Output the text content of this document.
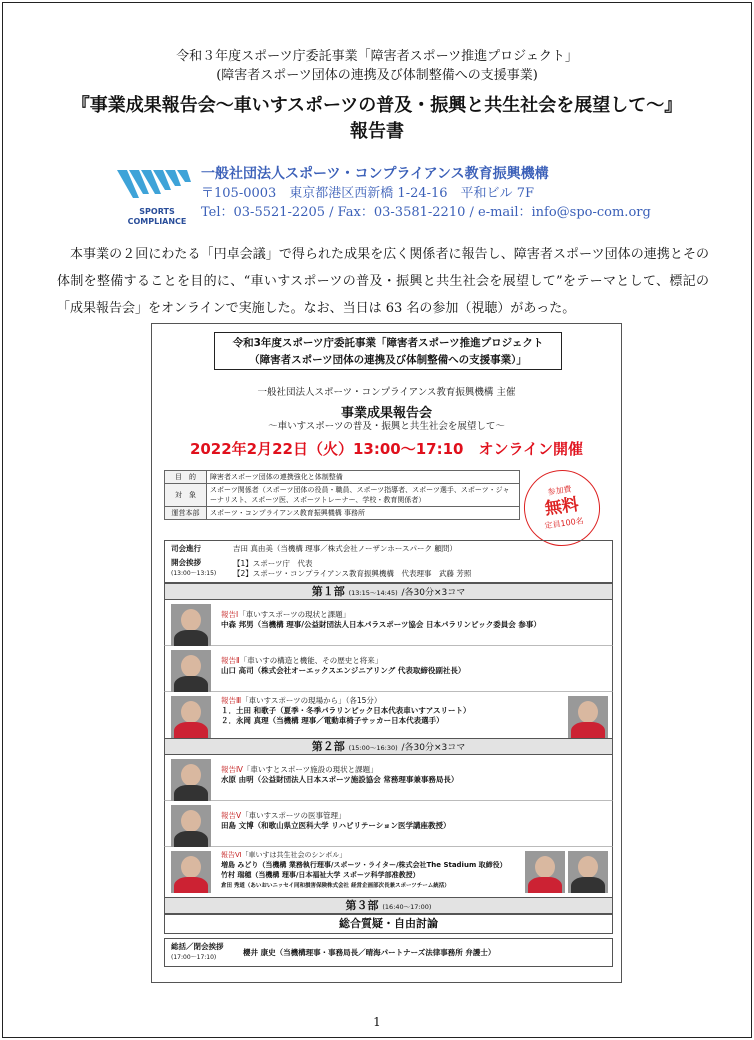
令和３年度スポーツ庁委託事業「障害者スポーツ推進プロジェクト」
(障害者スポーツ団体の連携及び体制整備への支援事業)
『事業成果報告会～車いすスポーツの普及・振興と共生社会を展望して～』
報告書
SPORTS
COMPLIANCE
一般社団法人スポーツ・コンプライアンス教育振興機構
〒105-0003　東京都港区西新橋 1-24-16　平和ビル 7F
Tel：03-5521-2205 / Fax：03-3581-2210 / e-mail：info@spo-com.org
本事業の２回にわたる「円卓会議」で得られた成果を広く関係者に報告し、障害者スポーツ団体の連携とその体制を整備することを目的に、“車いすスポーツの普及・振興と共生社会を展望して”をテーマとして、標記の「成果報告会」をオンラインで実施した。なお、当日は 63 名の参加（視聴）があった。
令和3年度スポーツ庁委託事業「障害者スポーツ推進プロジェクト
（障害者スポーツ団体の連携及び体制整備への支援事業）」
一般社団法人スポーツ・コンプライアンス教育振興機構 主催
事業成果報告会
～車いすスポーツの普及・振興と共生社会を展望して～
2022年2月22日（火）13:00～17:10　オンライン開催
目　的	障害者スポーツ団体の連携強化と体制整備
対　象	スポーツ関係者（スポーツ団体の役員・職員、スポーツ指導者、スポーツ選手、スポーツ・ジャーナリスト、スポーツ医、スポーツトレーナー、学校・教育関係者）
運営本部	スポーツ・コンプライアンス教育振興機構 事務所
参加費
無料
定員100名
司会進行	吉田 真由美（当機構 理事／株式会社ノーザンホースパーク 顧問）
開会挨拶
(13:00～13:15)	【1】スポーツ庁　代表
【2】スポーツ・コンプライアンス教育振興機構　代表理事　武藤 芳照
第１部 (13:15～14:45) /各30分×3コマ
報告Ⅰ「車いすスポーツの現状と課題」
中森 邦男（当機構 理事/公益財団法人日本パラスポーツ協会 日本パラリンピック委員会 参事）
報告Ⅱ「車いすの構造と機能、その歴史と将来」
山口 高司（株式会社オーエックスエンジニアリング 代表取締役副社長）
報告Ⅲ「車いすスポーツの現場から」（各15分）
１．土田 和歌子（夏季・冬季パラリンピック日本代表車いすアスリート）
２．永岡 真理（当機構 理事／電動車椅子サッカー日本代表選手）
第２部 (15:00～16:30) /各30分×3コマ
報告Ⅳ「車いすとスポーツ施設の現状と課題」
水原 由明（公益財団法人日本スポーツ施設協会 常務理事兼事務局長）
報告Ⅴ「車いすスポーツの医事管理」
田島 文博（和歌山県立医科大学 リハビリテーション医学講座教授）
報告Ⅵ「車いすは共生社会のシンボル」
増島 みどり（当機構 業務執行理事/スポーツ・ライター/株式会社The Stadium 取締役）
竹村 瑞穂（当機構 理事/日本福祉大学 スポーツ科学部准教授）
倉田 秀道（あいおいニッセイ同和損害保険株式会社 経営企画部次長兼スポーツチーム統括）
第３部 (16:40～17:00)
総合質疑・自由討論
総括／閉会挨拶
(17:00～17:10)	櫻井 康史（当機構理事・事務局長／晴海パートナーズ法律事務所 弁護士）
1
